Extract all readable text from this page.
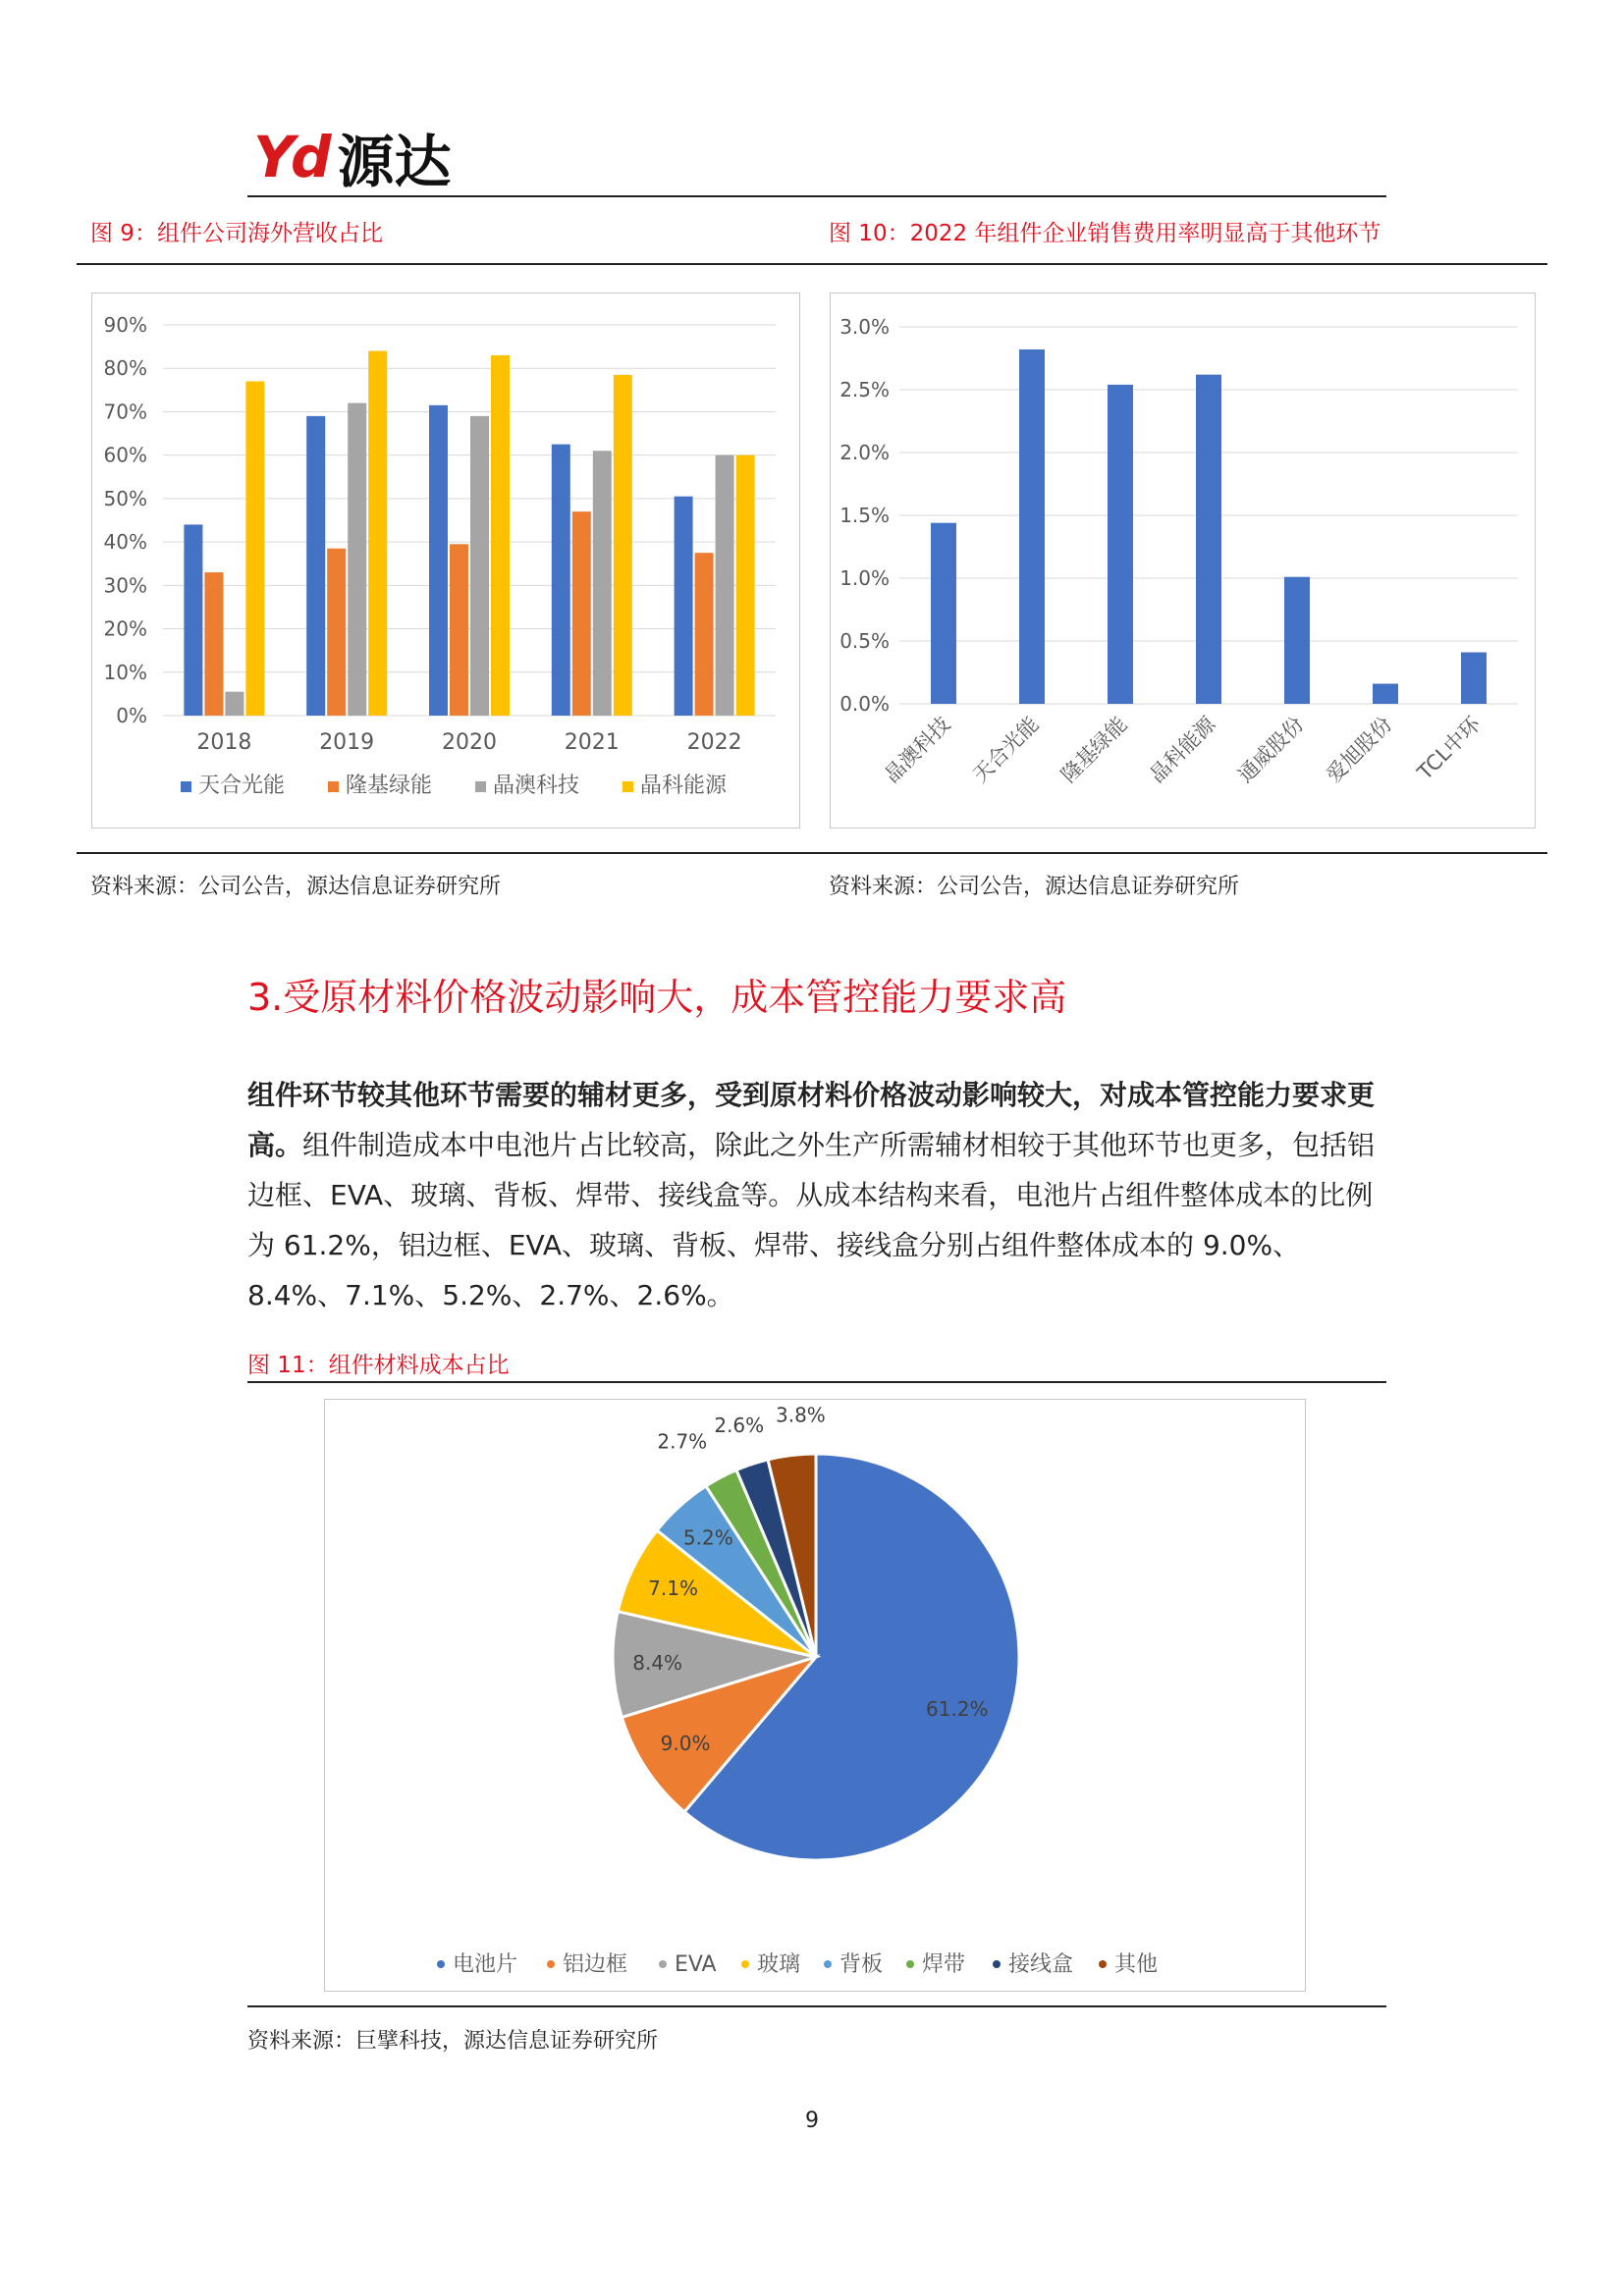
Yd 源达
图 9：组件公司海外营收占比	图 10：2022 年组件企业销售费用率明显高于其他环节
0%
10%
20%
30%
40%
50%
60%
70%
80%
90%
2018	2019	2020	2021	2022
天合光能	隆基绿能	晶澳科技	晶科能源
0.0%
0.5%
1.0%
1.5%
2.0%
2.5%
3.0%
晶澳科技 天合光能 隆基绿能 晶科能源 通威股份 爱旭股份 TCL中环
资料来源：公司公告，源达信息证券研究所	资料来源：公司公告，源达信息证券研究所
3.受原材料价格波动影响大，成本管控能力要求高
组件环节较其他环节需要的辅材更多，受到原材料价格波动影响较大，对成本管控能力要求更高。组件制造成本中电池片占比较高，除此之外生产所需辅材相较于其他环节也更多，包括铝边框、EVA、玻璃、背板、焊带、接线盒等。从成本结构来看，电池片占组件整体成本的比例为 61.2%，铝边框、EVA、玻璃、背板、焊带、接线盒分别占组件整体成本的 9.0%、8.4%、7.1%、5.2%、2.7%、2.6%。
图 11：组件材料成本占比
61.2%
9.0%
8.4%
7.1%
5.2%
2.7%
2.6% 3.8%
电池片 铝边框 EVA 玻璃 背板 焊带 接线盒 其他
资料来源：巨擘科技，源达信息证券研究所
9
